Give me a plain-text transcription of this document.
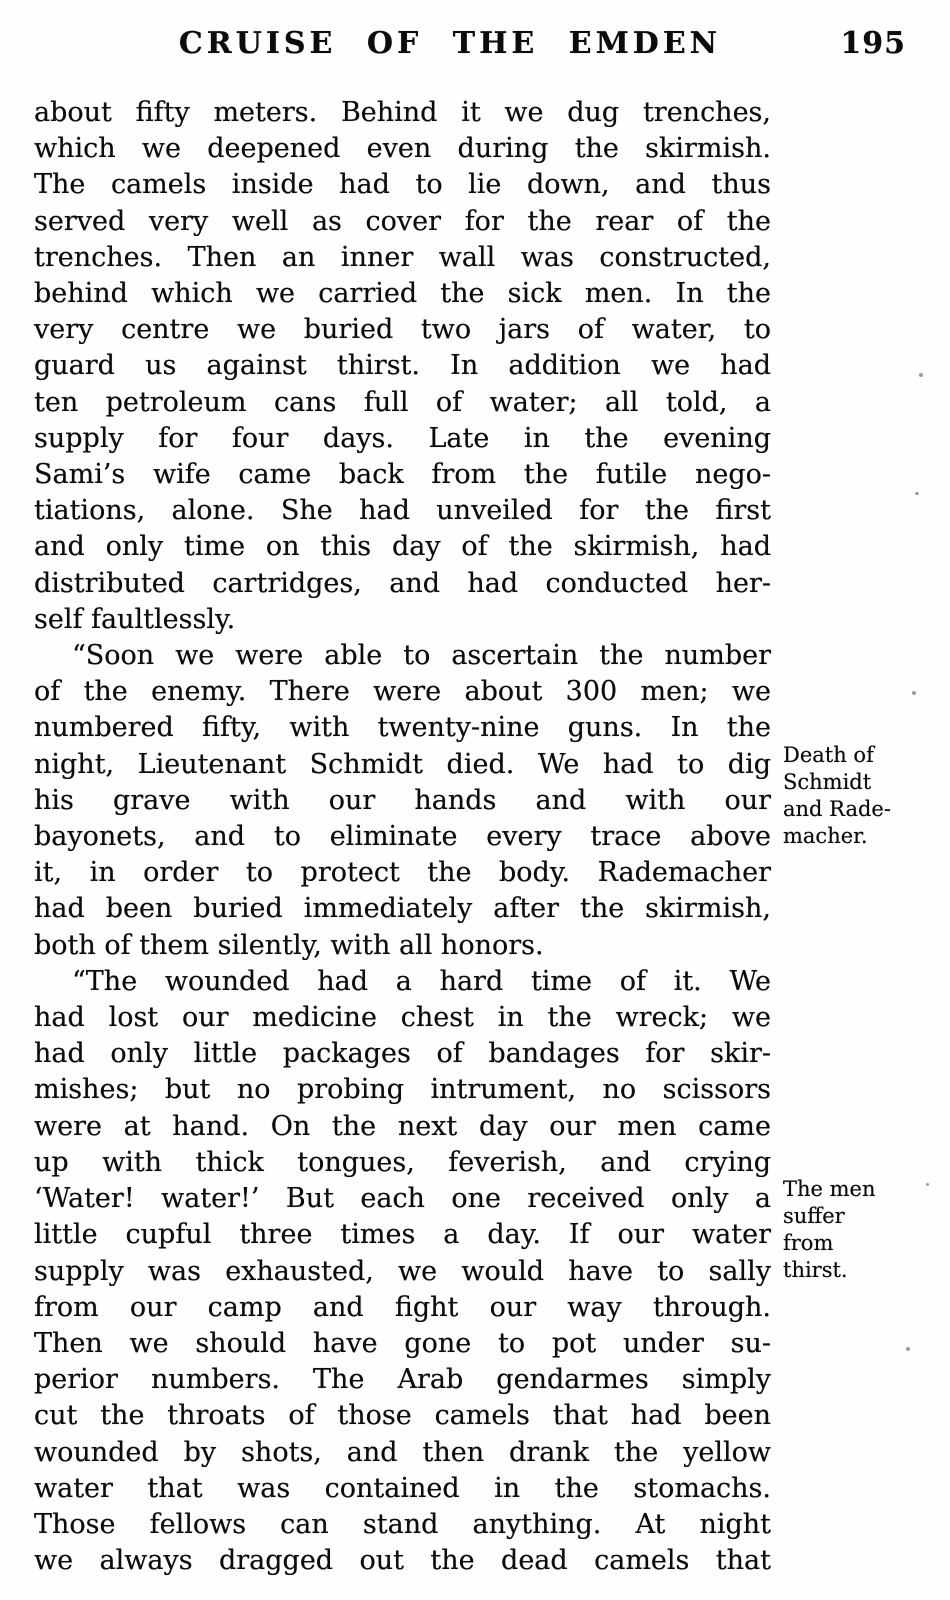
CRUISE OF THE EMDEN	195
about fifty meters. Behind it we dug trenches,
which we deepened even during the skirmish.
The camels inside had to lie down, and thus
served very well as cover for the rear of the
trenches. Then an inner wall was constructed,
behind which we carried the sick men. In the
very centre we buried two jars of water, to
guard us against thirst. In addition we had
ten petroleum cans full of water; all told, a
supply for four days. Late in the evening
Sami’s wife came back from the futile nego-
tiations, alone. She had unveiled for the first
and only time on this day of the skirmish, had
distributed cartridges, and had conducted her-
self faultlessly.
“Soon we were able to ascertain the number
of the enemy. There were about 300 men; we
numbered fifty, with twenty-nine guns. In the
night, Lieutenant Schmidt died. We had to dig
his grave with our hands and with our
bayonets, and to eliminate every trace above
it, in order to protect the body. Rademacher
had been buried immediately after the skirmish,
both of them silently, with all honors.
“The wounded had a hard time of it. We
had lost our medicine chest in the wreck; we
had only little packages of bandages for skir-
mishes; but no probing intrument, no scissors
were at hand. On the next day our men came
up with thick tongues, feverish, and crying
‘Water! water!’ But each one received only a
little cupful three times a day. If our water
supply was exhausted, we would have to sally
from our camp and fight our way through.
Then we should have gone to pot under su-
perior numbers. The Arab gendarmes simply
cut the throats of those camels that had been
wounded by shots, and then drank the yellow
water that was contained in the stomachs.
Those fellows can stand anything. At night
we always dragged out the dead camels that
Death of
Schmidt
and Rade-
macher.
The men
suffer
from
thirst.
